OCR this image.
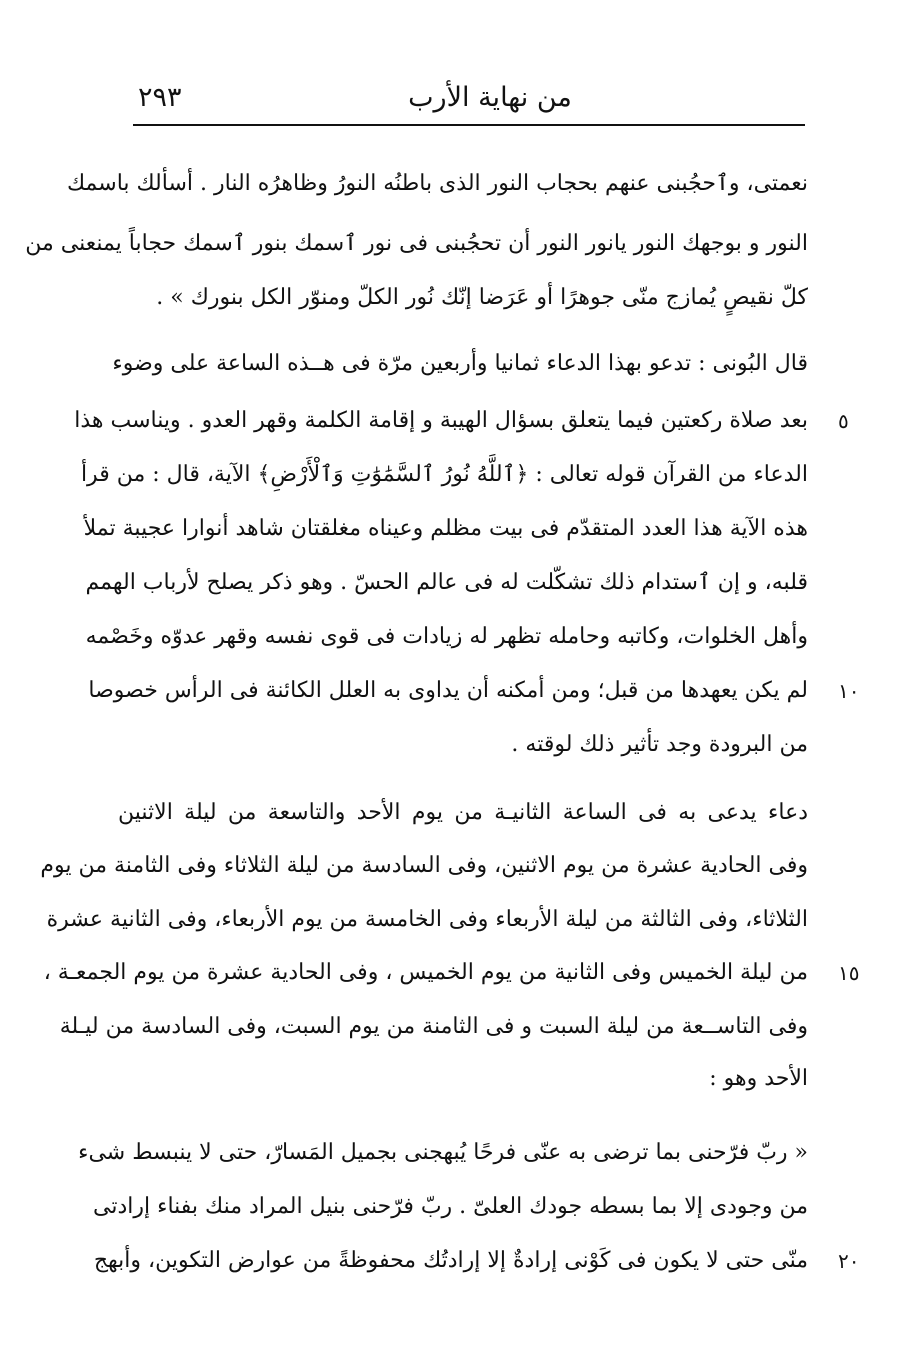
٢٩٣	من نهاية الأرب
نعمتى، وٱحجُبنى عنهم بحجاب النور الذى باطنُه النورُ وظاهرُه النار . أسألك باسمك
النور و بوجهك النور يانور النور أن تحجُبنى فى نور ٱسمك بنور ٱسمك حجاباً يمنعنى من
كلّ نقيصٍ يُمازج منّى جوهرًا أو عَرَضا إنّك نُور الكلّ ومنوّر الكل بنورك » .
قال البُونى : تدعو بهذا الدعاء ثمانيا وأربعين مرّة فى هــذه الساعة على وضوء
بعد صلاة ركعتين فيما يتعلق بسؤال الهيبة و إقامة الكلمة وقهر العدو . ويناسب هذا
الدعاء من القرآن قوله تعالى : ﴿ٱللَّهُ نُورُ ٱلسَّمَٰوَٰتِ وَٱلْأَرْضِ﴾ الآية، قال : من قرأ
هذه الآية هذا العدد المتقدّم فى بيت مظلم وعيناه مغلقتان شاهد أنوارا عجيبة تملأ
قلبه، و إن ٱستدام ذلك تشكّلت له فى عالم الحسّ . وهو ذكر يصلح لأرباب الهمم
وأهل الخلوات، وكاتبه وحامله تظهر له زيادات فى قوى نفسه وقهر عدوّه وخَصْمه
لم يكن يعهدها من قبل؛ ومن أمكنه أن يداوى به العلل الكائنة فى الرأس خصوصا
من البرودة وجد تأثير ذلك لوقته .
دعاء يدعى به فى الساعة الثانيـة من يوم الأحد والتاسعة من ليلة الاثنين
وفى الحادية عشرة من يوم الاثنين، وفى السادسة من ليلة الثلاثاء وفى الثامنة من يوم
الثلاثاء، وفى الثالثة من ليلة الأربعاء وفى الخامسة من يوم الأربعاء، وفى الثانية عشرة
من ليلة الخميس وفى الثانية من يوم الخميس ، وفى الحادية عشرة من يوم الجمعـة ،
وفى التاســعة من ليلة السبت و فى الثامنة من يوم السبت، وفى السادسة من ليـلة
الأحد وهو :
« ربّ فرّحنى بما ترضى به عنّى فرحًا يُبهجنى بجميل المَسارّ، حتى لا ينبسط شىء
من وجودى إلا بما بسطه جودك العلىّ . ربّ فرّحنى بنيل المراد منك بفناء إرادتى
منّى حتى لا يكون فى كَوْنى إرادةٌ إلا إرادتُك محفوظةً من عوارض التكوين، وأبهج
٥
١٠
١٥
٢٠
